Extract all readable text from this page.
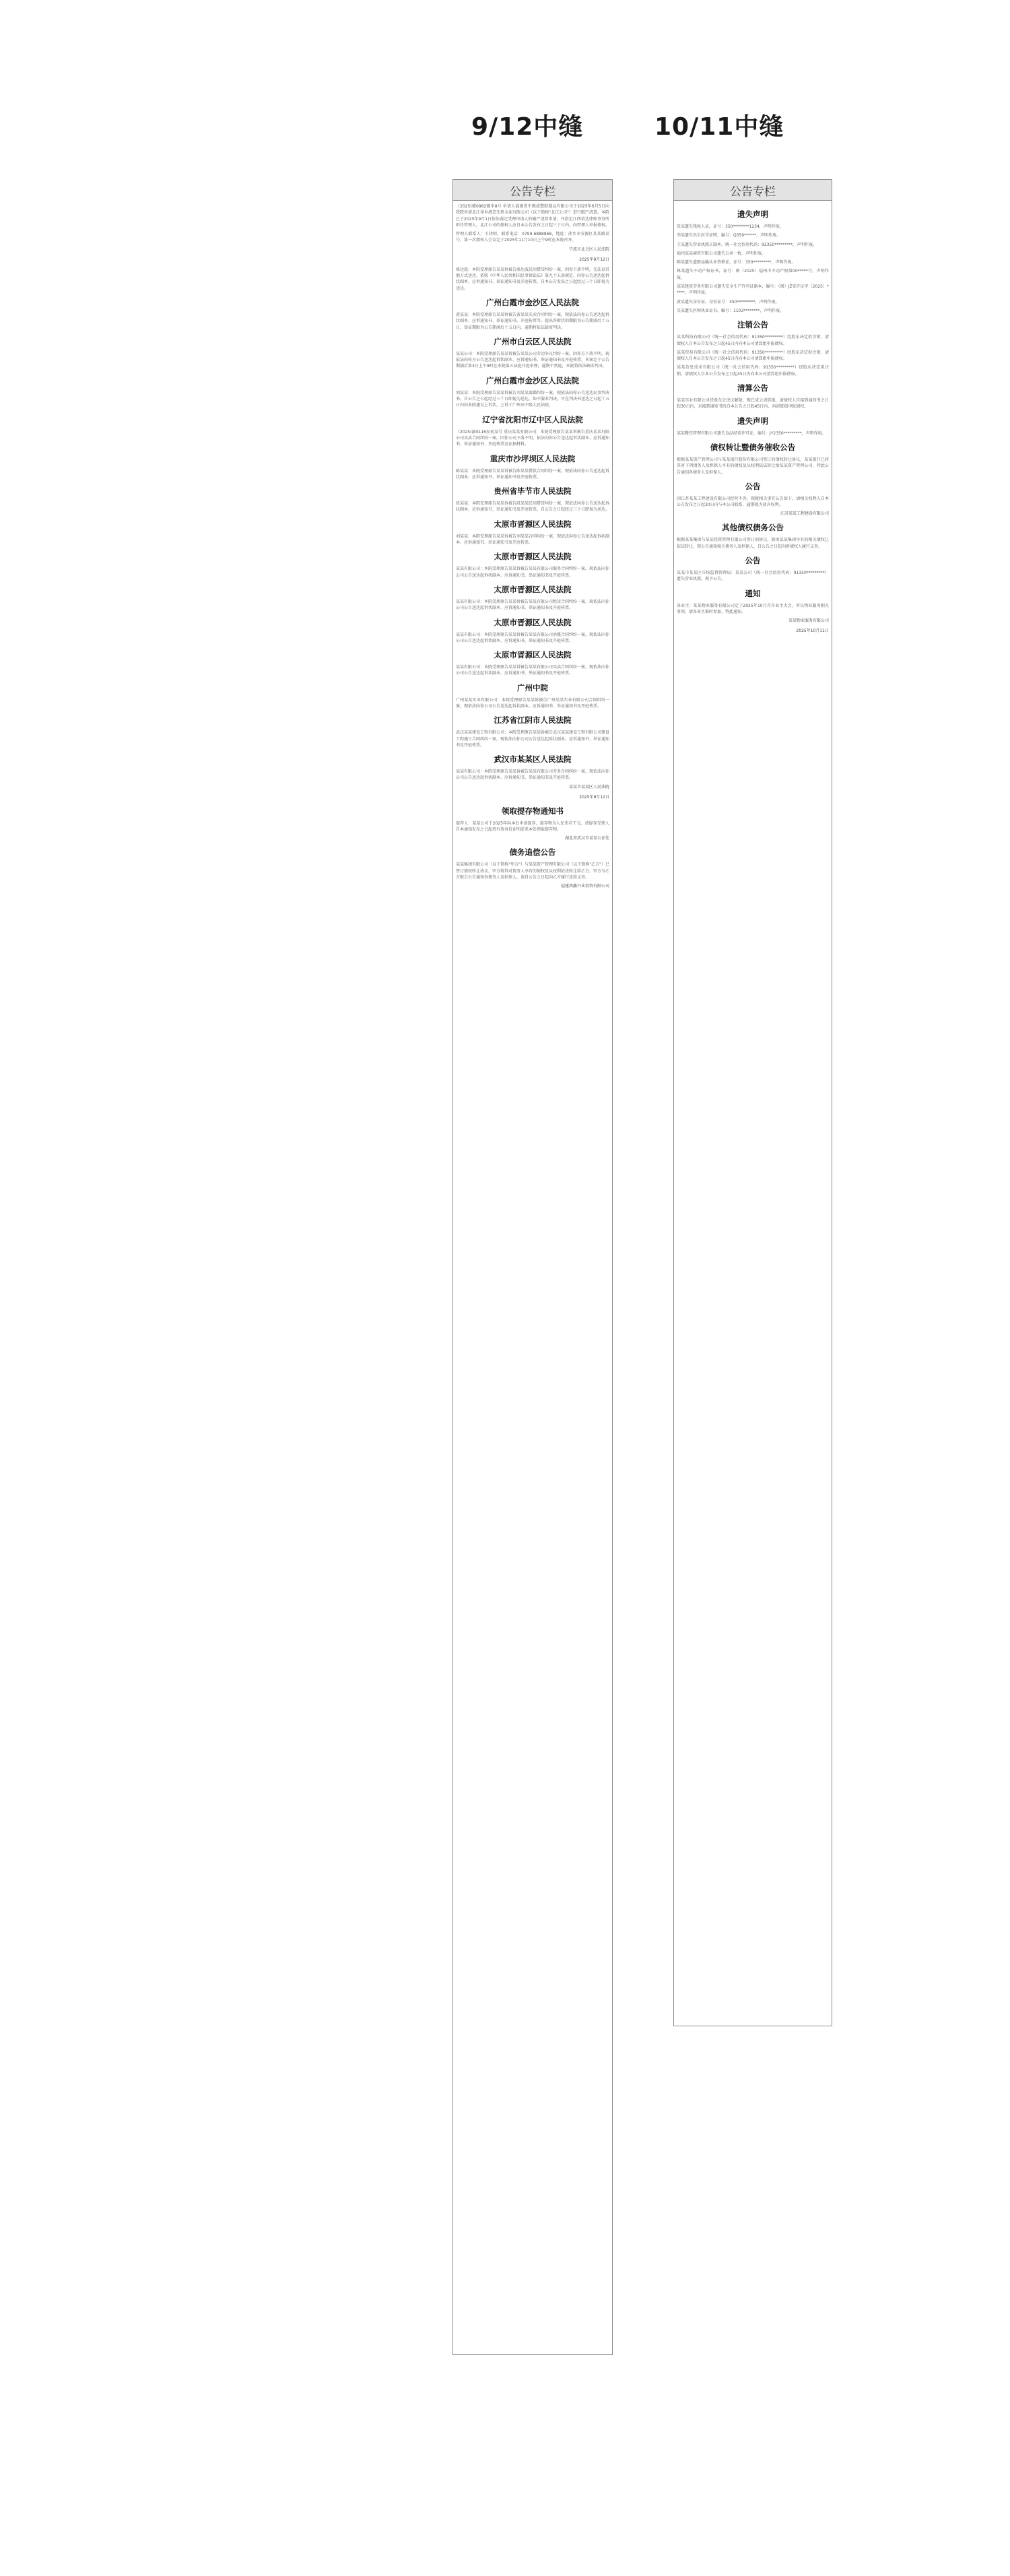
9/12中缝	10/11中缝
公告专栏

（2025)赣0982破申8号 申请人福建省中振成塑胶制品有限公司于2025年6月5日向我院申请北江萍乡液态无机水泥有限公司（以下简称"北江公司"）进行破产清算。本院已于2025年9月1日依法裁定受理申请人的破产清算申请，并指定江西信达律师事务所担任管理人。北江公司的债权人应自本公告发布之日起三十日内，向管理人申报债权。

管理人联系人：王律师，联系电话：0799-6888868，地址：萍乡市安源区某某路某号。第一次债权人会议定于2025年11月10日上午9时在本院召开。

宁波市北仑区人民法院
2025年9月12日

骆达波：本院受理原告某某诉被告骆达波民间借贷纠纷一案，因你下落不明，无法以其他方式送达，依照《中华人民共和国民事诉讼法》第九十五条规定，向你公告送达起诉状副本、应诉通知书、举证通知书及开庭传票。自本公告发出之日起经过三十日即视为送达。

广州白霞市金沙区人民法院

黄某某：本院受理原告某某诉被告黄某某买卖合同纠纷一案，现依法向你公告送达起诉状副本、应诉通知书、举证通知书、开庭传票等。提出答辩状的期限为公告期满后十五日，举证期限为公告期满后十五日内，逾期将依法缺席判决。

广州市白云区人民法院

某某公司：本院受理原告某某诉被告某某公司劳动争议纠纷一案，因你方下落不明，现依法向你方公告送达起诉状副本、应诉通知书、举证通知书及开庭传票。本案定于公告期满后第3日上午9时在本院第五法庭开庭审理，逾期不到庭，本院将依法缺席判决。

广州白霞市金沙区人民法院

刘某某：本院受理原告某某诉被告刘某某离婚纠纷一案，现依法向你公告送达民事判决书。自公告之日起经过三十日即视为送达。如不服本判决，可在判决书送达之日起十五日内向本院递交上诉状，上诉于广州市中级人民法院。

辽宁省沈阳市辽中区人民法院

（2025)渝0116民初某号 重庆某某有限公司：本院受理原告某某诉被告重庆某某有限公司买卖合同纠纷一案，因你公司下落不明，依法向你公告送达起诉状副本、应诉通知书、举证通知书、开庭传票及证据材料。

重庆市沙坪坝区人民法院

陈某某：本院受理原告某某诉被告陈某某借款合同纠纷一案，现依法向你公告送达起诉状副本、应诉通知书、举证通知书及开庭传票。

贵州省毕节市人民法院

段某某：本院受理原告某某诉被告段某某民间借贷纠纷一案，现依法向你公告送达起诉状副本、应诉通知书、举证通知书及开庭传票，自公告之日起经过三十日即视为送达。

太原市晋源区人民法院

刘某某：本院受理原告某某诉被告刘某某合同纠纷一案，现依法向你公告送达起诉状副本、应诉通知书、举证通知书及开庭传票。

太原市晋源区人民法院

某某有限公司：本院受理原告某某诉被告某某有限公司服务合同纠纷一案，现依法向你公司公告送达起诉状副本、应诉通知书、举证通知书及开庭传票。

太原市晋源区人民法院

某某有限公司：本院受理原告某某诉被告某某有限公司租赁合同纠纷一案，现依法向你公司公告送达起诉状副本、应诉通知书、举证通知书及开庭传票。

太原市晋源区人民法院

某某有限公司：本院受理原告某某诉被告某某有限公司承揽合同纠纷一案，现依法向你公司公告送达起诉状副本、应诉通知书、举证通知书及开庭传票。

太原市晋源区人民法院

某某有限公司：本院受理原告某某诉被告某某有限公司买卖合同纠纷一案，现依法向你公司公告送达起诉状副本、应诉通知书、举证通知书及开庭传票。

广州中院

广州某某实业有限公司：本院受理原告某某诉被告广州某某实业有限公司合同纠纷一案，现依法向你公司公告送达起诉状副本、应诉通知书、举证通知书及开庭传票。

江苏省江阴市人民法院

武汉某某建设工程有限公司：本院受理原告某某诉被告武汉某某建设工程有限公司建设工程施工合同纠纷一案，现依法向你公司公告送达起诉状副本、应诉通知书、举证通知书及开庭传票。

武汉市某某区人民法院

某某有限公司：本院受理原告某某诉被告某某有限公司劳务合同纠纷一案，现依法向你公司公告送达起诉状副本、应诉通知书、举证通知书及开庭传票。

某某市某某区人民法院
2025年9月12日
领取提存物通知书

提存人：某某公司于2025年向本处申请提存，提存物为人民币若干元。请提存受领人自本通知发布之日起持有效身份证明前来本处领取提存物。

湖北省武汉市某某公证处
债务追偿公告

某某集团有限公司（以下简称"甲方"）与某某资产管理有限公司（以下简称"乙方"）已签订债权转让协议，甲方将其对债务人享有的债权及从权利依法转让给乙方。甲方与乙方联合公告通知各债务人及担保人，请自公告之日起向乙方履行还款义务。

福建鸿鑫兴业投资有限公司
公告专栏
遗失声明

张某遗失残疾人证，证号：350********1234，声明作废。

李某遗失出生医学证明，编号：Q350******，声明作废。

王某遗失营业执照正副本，统一社会信用代码：92350*********，声明作废。

福州某某商贸有限公司遗失公章一枚，声明作废。

陈某遗失道路运输从业资格证，证号：350*********，声明作废。

林某遗失不动产权证书，证号：闽（2025）福州市不动产权第00*****号，声明作废。

某某建筑劳务有限公司遗失安全生产许可证副本，编号：（闽）JZ安许证字〔2025〕*****，声明作废。

黄某遗失身份证，身份证号：350*********，声明作废。

吴某遗失医师执业证书，编号：1103********，声明作废。

注销公告

某某科技有限公司（统一社会信用代码：91350*********）经股东决定拟注销，请债权人自本公告发布之日起45日内向本公司清算组申报债权。

某某贸易有限公司（统一社会信用代码：91350*********）经股东决定拟注销，请债权人自本公告发布之日起45日内向本公司清算组申报债权。

某某信息技术有限公司（统一社会信用代码：91350*********）经股东决定拟注销，请债权人自本公告发布之日起45日内向本公司清算组申报债权。

清算公告

某某实业有限公司经股东会决议解散，现已成立清算组，请债权人自接到通知书之日起30日内，未接到通知书的自本公告之日起45日内，向清算组申报债权。

遗失声明

某某餐饮管理有限公司遗失食品经营许可证，编号：JY2350*********，声明作废。

债权转让暨债务催收公告

根据某某资产管理公司与某某银行股份有限公司签订的债权转让协议，某某银行已将其对下列债务人及担保人享有的债权及从权利依法转让给某某资产管理公司，特此公告通知各债务人及担保人。

公告

因江苏某某工程建设有限公司经营不善，现就相关事宜公告如下，请相关权利人自本公告发布之日起30日内与本公司联系，逾期视为放弃权利。

江苏某某工程建设有限公司
其他债权债务公告

根据某某集团与某某投资管理有限公司签订的协议，原由某某集团享有的相关债权已依法转让，现公告通知相关债务人及担保人，自公告之日起向新债权人履行义务。

公告

某某市某某区市场监督管理局：某某公司（统一社会信用代码：91350*********）遗失营业执照，现予公告。

通知

各业主：某某物业服务有限公司定于2025年10月召开业主大会，审议物业服务相关事项，请各业主准时参加，特此通知。

某某物业服务有限公司
2025年10月11日
